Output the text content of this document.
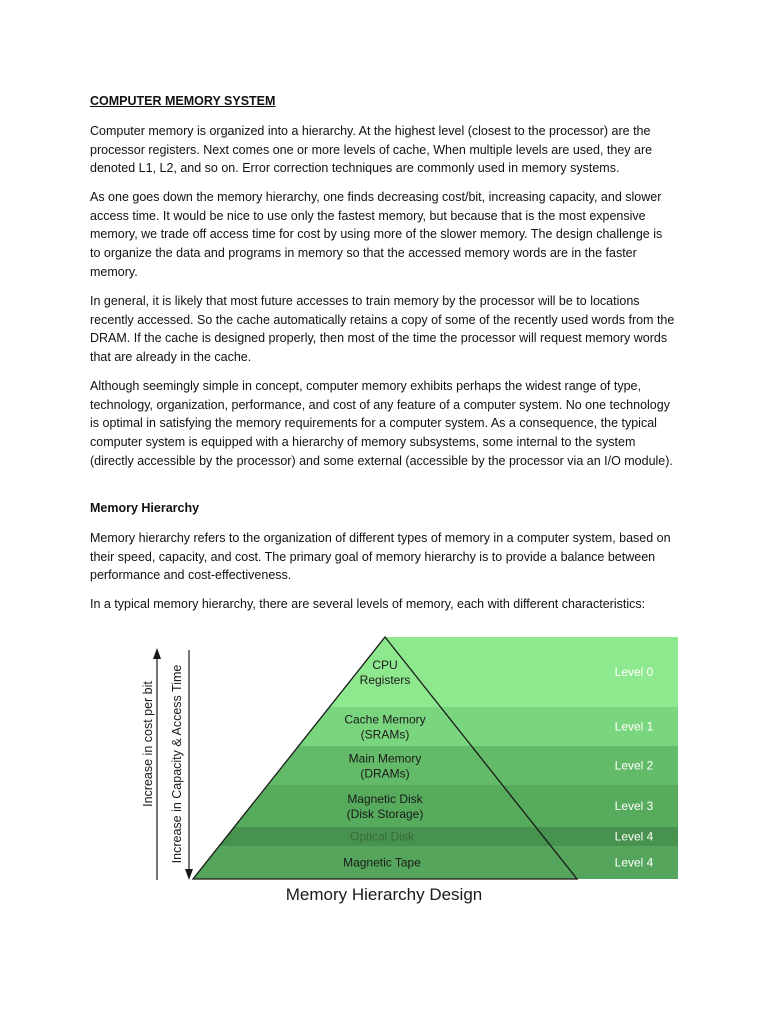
COMPUTER MEMORY SYSTEM
Computer memory is organized into a hierarchy. At the highest level (closest to the processor) are the processor registers. Next comes one or more levels of cache, When multiple levels are used, they are denoted L1, L2, and so on. Error correction techniques are commonly used in memory systems.
As one goes down the memory hierarchy, one finds decreasing cost/bit, increasing capacity, and slower access time. It would be nice to use only the fastest memory, but because that is the most expensive memory, we trade off access time for cost by using more of the slower memory. The design challenge is to organize the data and programs in memory so that the accessed memory words are in the faster memory.
In general, it is likely that most future accesses to train memory by the processor will be to locations recently accessed. So the cache automatically retains a copy of some of the recently used words from the DRAM. If the cache is designed properly, then most of the time the processor will request memory words that are already in the cache.
Although seemingly simple in concept, computer memory exhibits perhaps the widest range of type, technology, organization, performance, and cost of any feature of a computer system. No one technology is optimal in satisfying the memory requirements for a computer system. As a consequence, the typical computer system is equipped with a hierarchy of memory subsystems, some internal to the system (directly accessible by the processor) and some external (accessible by the processor via an I/O module).
Memory Hierarchy
Memory hierarchy refers to the organization of different types of memory in a computer system, based on their speed, capacity, and cost. The primary goal of memory hierarchy is to provide a balance between performance and cost-effectiveness.
In a typical memory hierarchy, there are several levels of memory, each with different characteristics:
CPU
Registers
Level 0
Cache Memory
(SRAMs)
Level 1
Main Memory
(DRAMs)
Level 2
Magnetic Disk
(Disk Storage)
Level 3
Optical Disk	Level 4
Magnetic Tape	Level 4
Increase in cost per bit Increase in Capacity & Access Time
Memory Hierarchy Design
